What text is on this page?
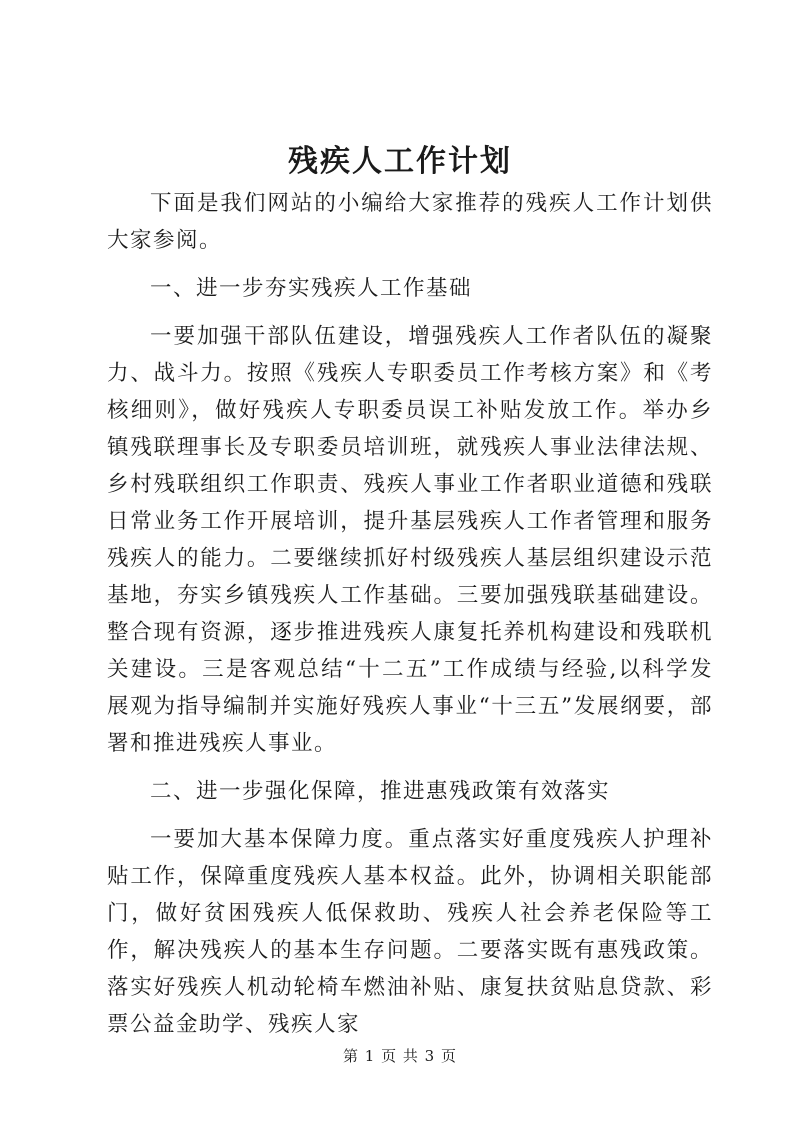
残疾人工作计划

下面是我们网站的小编给大家推荐的残疾人工作计划供大家参阅。

一、进一步夯实残疾人工作基础

一要加强干部队伍建设，增强残疾人工作者队伍的凝聚力、战斗力。按照《残疾人专职委员工作考核方案》和《考核细则》，做好残疾人专职委员误工补贴发放工作。举办乡镇残联理事长及专职委员培训班，就残疾人事业法律法规、乡村残联组织工作职责、残疾人事业工作者职业道德和残联日常业务工作开展培训，提升基层残疾人工作者管理和服务残疾人的能力。二要继续抓好村级残疾人基层组织建设示范基地，夯实乡镇残疾人工作基础。三要加强残联基础建设。整合现有资源，逐步推进残疾人康复托养机构建设和残联机关建设。三是客观总结“十二五”工作成绩与经验,以科学发展观为指导编制并实施好残疾人事业“十三五”发展纲要，部署和推进残疾人事业。

二、进一步强化保障，推进惠残政策有效落实

一要加大基本保障力度。重点落实好重度残疾人护理补贴工作，保障重度残疾人基本权益。此外，协调相关职能部门，做好贫困残疾人低保救助、残疾人社会养老保险等工作，解决残疾人的基本生存问题。二要落实既有惠残政策。落实好残疾人机动轮椅车燃油补贴、康复扶贫贴息贷款、彩票公益金助学、残疾人家

第 1 页 共 3 页
